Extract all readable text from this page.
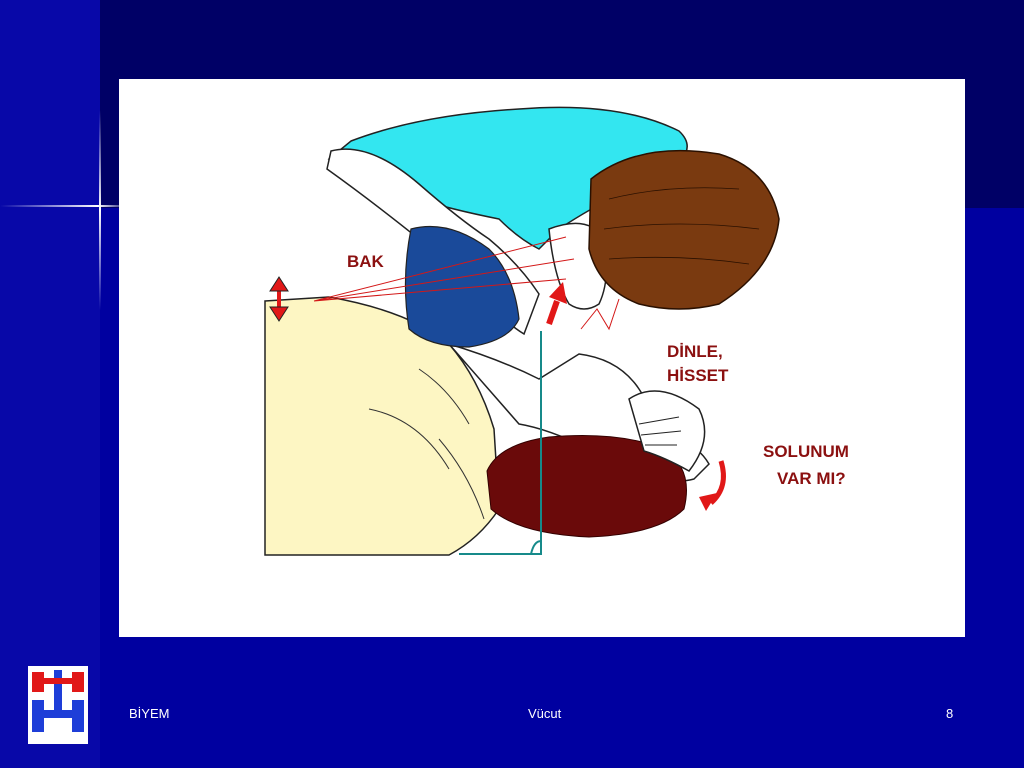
BAK
DİNLE,
HİSSET
SOLUNUM
VAR MI?
BİYEM	Vücut	8
